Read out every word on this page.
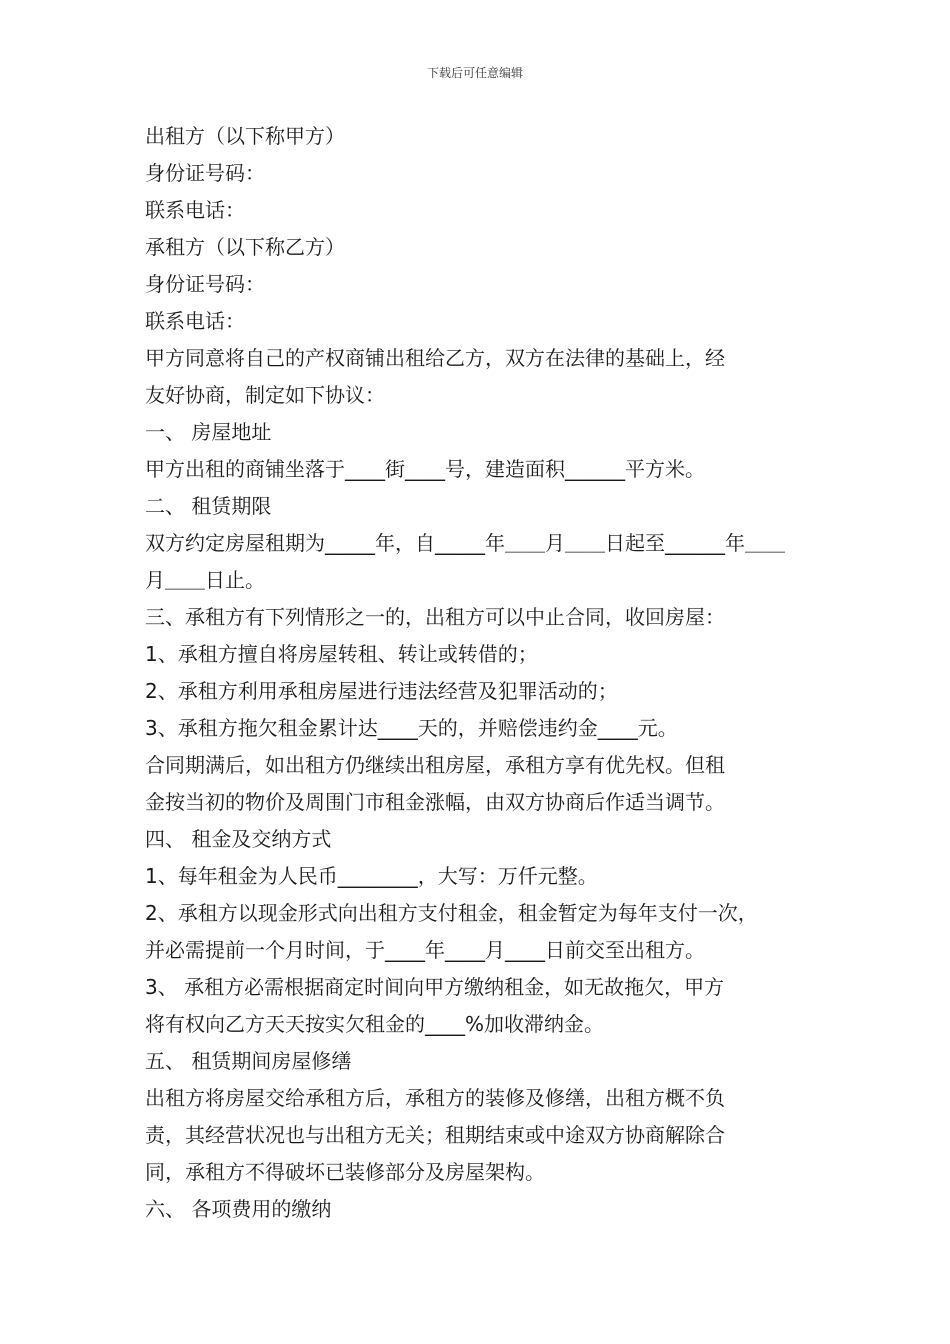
下载后可任意编辑
出租方（以下称甲方）
身份证号码：
联系电话：
承租方（以下称乙方）
身份证号码：
联系电话：
甲方同意将自己的产权商铺出租给乙方，双方在法律的基础上，经
友好协商，制定如下协议：
一、 房屋地址
甲方出租的商铺坐落于____街____号，建造面积______平方米。
二、 租赁期限
双方约定房屋租期为_____年，自_____年＿＿月＿＿日起至______年＿＿
月＿＿日止。
三、承租方有下列情形之一的，出租方可以中止合同，收回房屋：
1、承租方擅自将房屋转租、转让或转借的；
2、承租方利用承租房屋进行违法经营及犯罪活动的；
3、承租方拖欠租金累计达____天的，并赔偿违约金____元。
合同期满后，如出租方仍继续出租房屋，承租方享有优先权。但租
金按当初的物价及周围门市租金涨幅，由双方协商后作适当调节。
四、 租金及交纳方式
1、每年租金为人民币________，大写：万仟元整。
2、承租方以现金形式向出租方支付租金，租金暂定为每年支付一次，
并必需提前一个月时间，于____年____月____日前交至出租方。
3、 承租方必需根据商定时间向甲方缴纳租金，如无故拖欠，甲方
将有权向乙方天天按实欠租金的____%加收滞纳金。
五、 租赁期间房屋修缮
出租方将房屋交给承租方后，承租方的装修及修缮，出租方概不负
责，其经营状况也与出租方无关；租期结束或中途双方协商解除合
同，承租方不得破坏已装修部分及房屋架构。
六、 各项费用的缴纳
